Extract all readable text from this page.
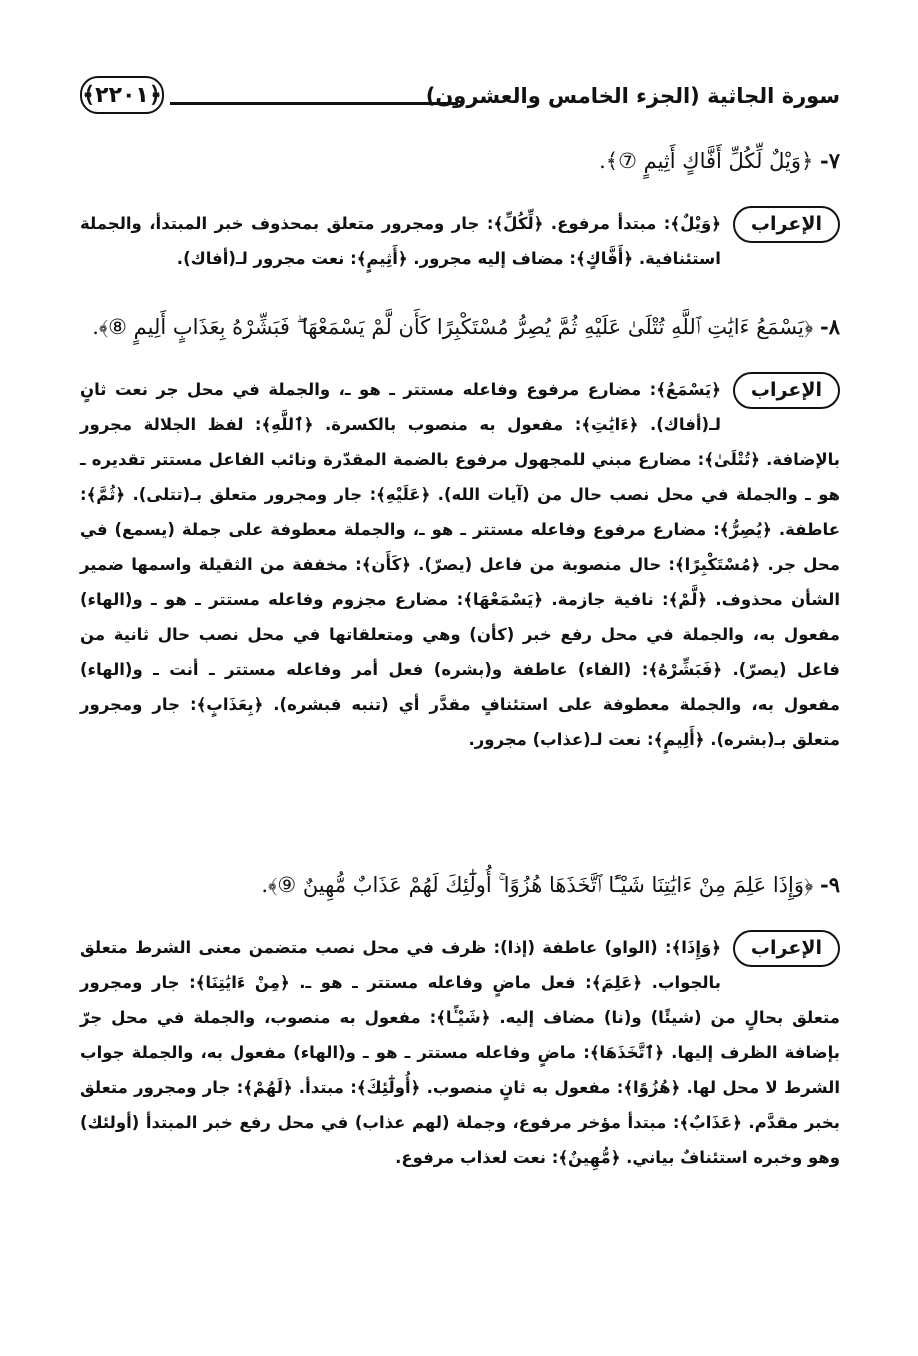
سورة الجاثية (الجزء الخامس والعشرون)
﴿٢٢٠١﴾
٧- ﴿وَيْلٌ لِّكُلِّ أَفَّاكٍ أَثِيمٍ ⑦﴾.
الإعراب
﴿وَيْلٌ﴾: مبتدأ مرفوع. ﴿لِّكُلِّ﴾: جار ومجرور متعلق بمحذوف خبر المبتدأ، والجملة استئنافية. ﴿أَفَّاكٍ﴾: مضاف إليه مجرور. ﴿أَثِيمٍ﴾: نعت مجرور لـ(أفاك).
٨- ﴿يَسْمَعُ ءَايَٰتِ ٱللَّهِ تُتْلَىٰ عَلَيْهِ ثُمَّ يُصِرُّ مُسْتَكْبِرًا كَأَن لَّمْ يَسْمَعْهَا ۖ فَبَشِّرْهُ بِعَذَابٍ أَلِيمٍ ⑧﴾.
الإعراب
﴿يَسْمَعُ﴾: مضارع مرفوع وفاعله مستتر ـ هو ـ، والجملة في محل جر نعت ثانٍ لـ(أفاك). ﴿ءَايَٰتِ﴾: مفعول به منصوب بالكسرة. ﴿ٱللَّهِ﴾: لفظ الجلالة مجرور بالإضافة. ﴿تُتْلَىٰ﴾: مضارع مبني للمجهول مرفوع بالضمة المقدّرة ونائب الفاعل مستتر تقديره ـ هو ـ والجملة في محل نصب حال من (آيات الله). ﴿عَلَيْهِ﴾: جار ومجرور متعلق بـ(تتلى). ﴿ثُمَّ﴾: عاطفة. ﴿يُصِرُّ﴾: مضارع مرفوع وفاعله مستتر ـ هو ـ، والجملة معطوفة على جملة (يسمع) في محل جر. ﴿مُسْتَكْبِرًا﴾: حال منصوبة من فاعل (يصرّ). ﴿كَأَن﴾: مخففة من الثقيلة واسمها ضمير الشأن محذوف. ﴿لَّمْ﴾: نافية جازمة. ﴿يَسْمَعْهَا﴾: مضارع مجزوم وفاعله مستتر ـ هو ـ و(الهاء) مفعول به، والجملة في محل رفع خبر (كأن) وهي ومتعلقاتها في محل نصب حال ثانية من فاعل (يصرّ). ﴿فَبَشِّرْهُ﴾: (الفاء) عاطفة و(بشره) فعل أمر وفاعله مستتر ـ أنت ـ و(الهاء) مفعول به، والجملة معطوفة على استئنافٍ مقدَّر أي (تنبه فبشره). ﴿بِعَذَابٍ﴾: جار ومجرور متعلق بـ(بشره). ﴿أَلِيمٍ﴾: نعت لـ(عذاب) مجرور.
٩- ﴿وَإِذَا عَلِمَ مِنْ ءَايَٰتِنَا شَيْـًٔا ٱتَّخَذَهَا هُزُوًا ۚ أُولَٰٓئِكَ لَهُمْ عَذَابٌ مُّهِينٌ ⑨﴾.
الإعراب
﴿وَإِذَا﴾: (الواو) عاطفة (إذا): ظرف في محل نصب متضمن معنى الشرط متعلق بالجواب. ﴿عَلِمَ﴾: فعل ماضٍ وفاعله مستتر ـ هو ـ. ﴿مِنْ ءَايَٰتِنَا﴾: جار ومجرور متعلق بحالٍ من (شيئًا) و(نا) مضاف إليه. ﴿شَيْـًٔا﴾: مفعول به منصوب، والجملة في محل جرّ بإضافة الظرف إليها. ﴿ٱتَّخَذَهَا﴾: ماضٍ وفاعله مستتر ـ هو ـ و(الهاء) مفعول به، والجملة جواب الشرط لا محل لها. ﴿هُزُوًا﴾: مفعول به ثانٍ منصوب. ﴿أُولَٰٓئِكَ﴾: مبتدأ. ﴿لَهُمْ﴾: جار ومجرور متعلق بخبر مقدَّم. ﴿عَذَابٌ﴾: مبتدأ مؤخر مرفوع، وجملة (لهم عذاب) في محل رفع خبر المبتدأ (أولئك) وهو وخبره استئنافٌ بياني. ﴿مُّهِينٌ﴾: نعت لعذاب مرفوع.
